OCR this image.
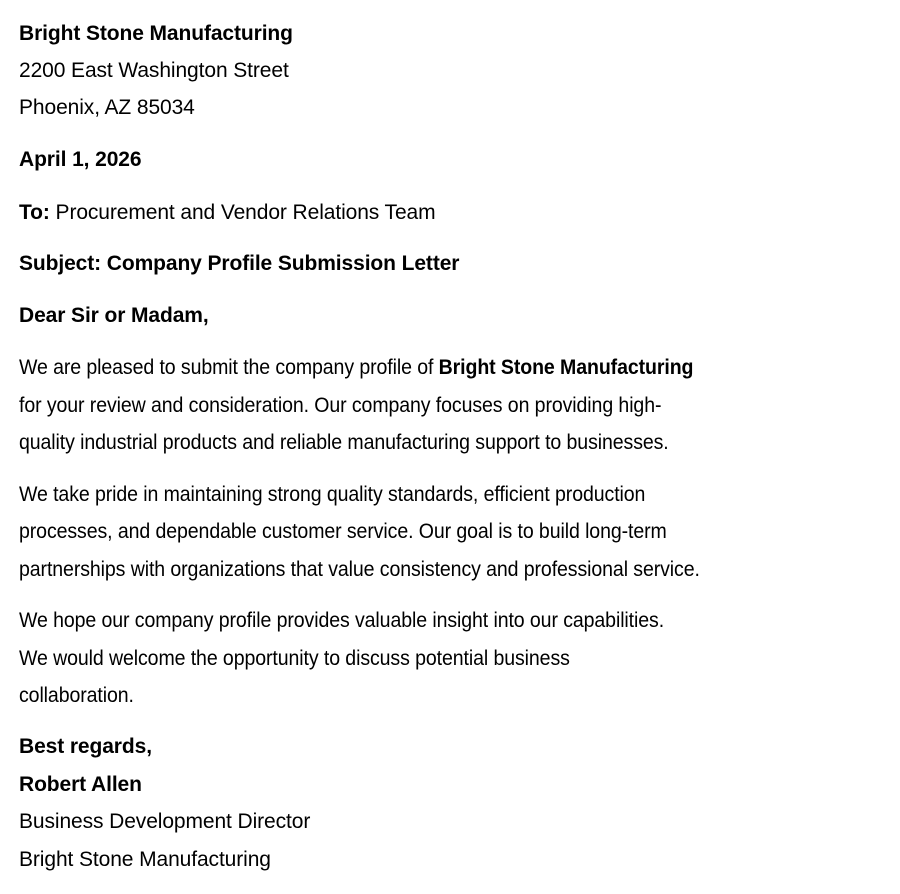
Bright Stone Manufacturing
2200 East Washington Street
Phoenix, AZ 85034
April 1, 2026
To: Procurement and Vendor Relations Team
Subject: Company Profile Submission Letter
Dear Sir or Madam,
We are pleased to submit the company profile of Bright Stone Manufacturing
for your review and consideration. Our company focuses on providing high-
quality industrial products and reliable manufacturing support to businesses.
We take pride in maintaining strong quality standards, efficient production
processes, and dependable customer service. Our goal is to build long-term
partnerships with organizations that value consistency and professional service.
We hope our company profile provides valuable insight into our capabilities.
We would welcome the opportunity to discuss potential business
collaboration.
Best regards,
Robert Allen
Business Development Director
Bright Stone Manufacturing
